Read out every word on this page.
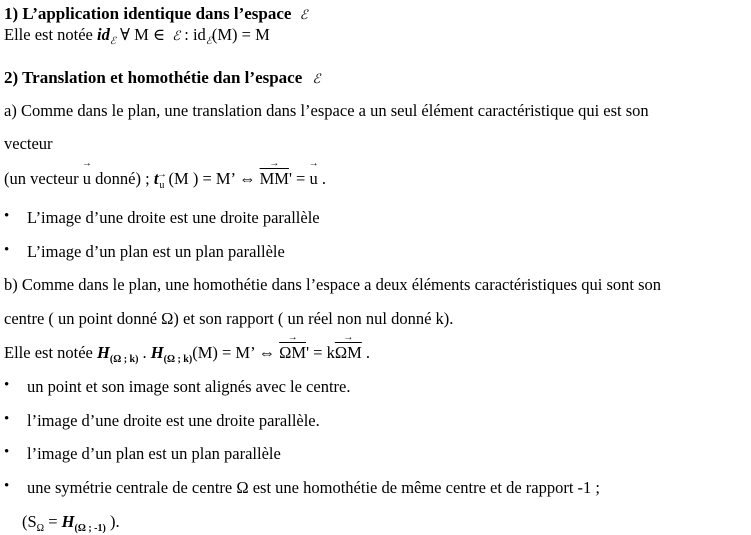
1) L’application identique dans l’espace ℰ
Elle est notée $id_ℰ$ ∀ M ∈ ℰ : $id_ℰ(M) = M$
2) Translation et homothétie dan l’espace ℰ
a) Comme dans le plan, une translation dans l’espace a un seul élément caractéristique qui est son
vecteur
(un vecteur → u donné) ; t→ u (M ) = M’ ⇔ → $\overline{MM}'$ = → u .
• L’image d’une droite est une droite parallèle
• L’image d’un plan est un plan parallèle
b) Comme dans le plan, une homothétie dans l’espace a deux éléments caractéristiques qui sont son
centre ( un point donné Ω) et son rapport ( un réel non nul donné k).
Elle est notée $H_{(\Omega ; k)}$ . $H_{(\Omega ; k)}(M) = M$’ ⇔ → $\overline{\Omega M}' = k\to \overline{\Omega M}$ .
• un point et son image sont alignés avec le centre.
• l’image d’une droite est une droite parallèle.
• l’image d’un plan est un plan parallèle
• une symétrie centrale de centre Ω est une homothétie de même centre et de rapport -1 ;
($S_\Omega = H_{(\Omega ; -1)}$ ).
